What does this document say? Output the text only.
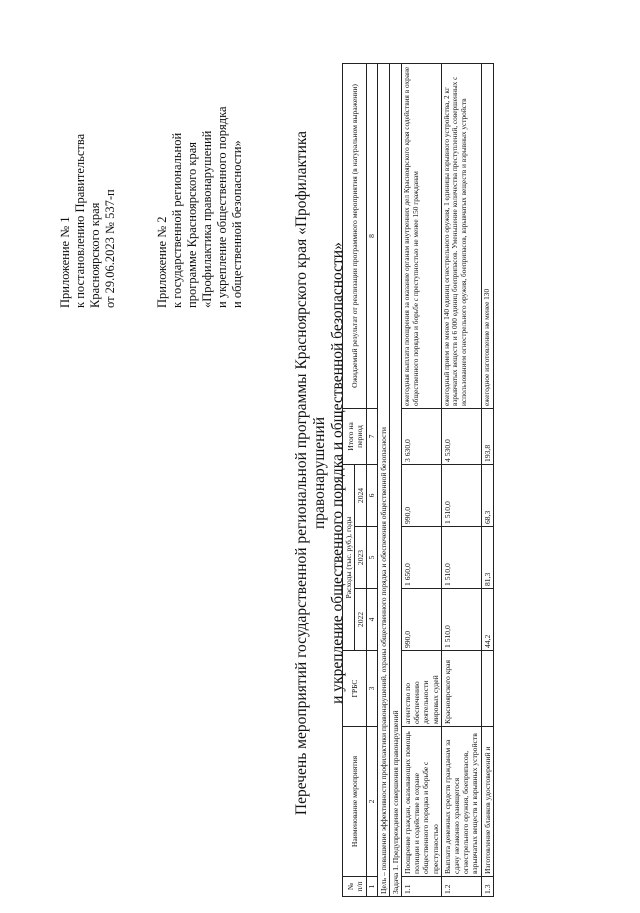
Приложение № 1 к постановлению Правительства Красноярского края от 29.06.2023 № 537-п	Приложение № 2 к государственной региональной программе Красноярского края «Профилактика правонарушений и укрепление общественного порядка и общественной безопасности»	Перечень мероприятий государственной региональной программы Красноярского края «Профилактика правонарушений и укрепление общественного порядка и общественной безопасности»
№ п/п	Наименование мероприятия	ГРБС	Расходы (тыс. руб.), годы			Итого на период	Ожидаемый результат от реализации программного мероприятия (в натуральном выражении)
			2022	2023	2024		
1	2	3	4	5	6	7	8
Цель – повышение эффективности профилактики правонарушений, охраны общественного порядка и обеспечения общественной безопасности							
Задача 1. Предупреждение совершения правонарушений							
1.1	Поощрение граждан, оказывающих помощь полиции и содействие в охране общественного порядка и борьбе с преступностью	агентство по обеспечению деятельности мировых судей	990,0	1 650,0	990,0	3 630,0	ежегодная выплата поощрения за оказание органам внутренних дел Красноярского края содействия в охране общественного порядка и борьбе с преступностью не менее 150 гражданам
1.2	Выплата денежных средств гражданам за сдачу незаконно хранящегося огнестрельного оружия, боеприпасов, взрывчатых веществ и взрывных устройств	Красноярского края	1 510,0	1 510,0	1 510,0	4 530,0	ежегодный прием не менее 140 единиц огнестрельного оружия, 1 единицы взрывного устройства, 2 кг взрывчатых веществ и 6 000 единиц боеприпасов. Уменьшение количества преступлений, совершенных с использованием огнестрельного оружия, боеприпасов, взрывчатых веществ и взрывных устройств
1.3	Изготовление бланков удостоверений и		44,2	81,3	68,3	193,8	ежегодное изготовление не менее 130
